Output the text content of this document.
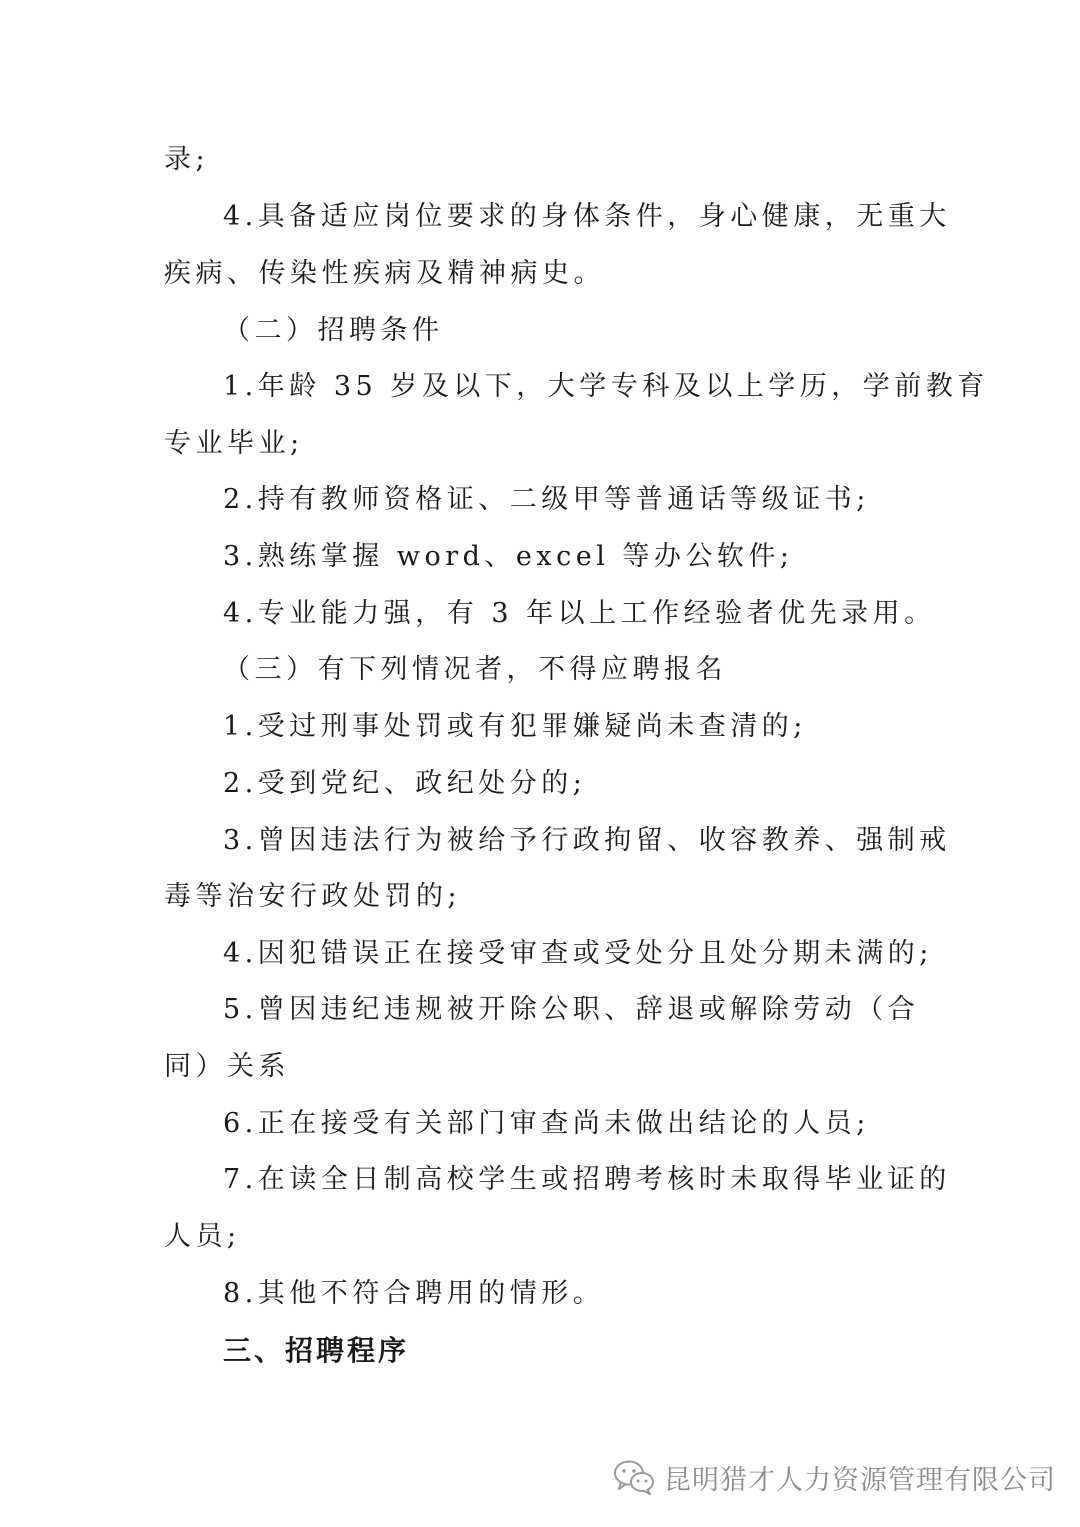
录;
4.具备适应岗位要求的身体条件，身心健康，无重大
疾病、传染性疾病及精神病史。
（二）招聘条件
1.年龄 35 岁及以下，大学专科及以上学历，学前教育
专业毕业;
2.持有教师资格证、二级甲等普通话等级证书;
3.熟练掌握 word、excel 等办公软件;
4.专业能力强，有 3 年以上工作经验者优先录用。
（三）有下列情况者，不得应聘报名
1.受过刑事处罚或有犯罪嫌疑尚未查清的;
2.受到党纪、政纪处分的;
3.曾因违法行为被给予行政拘留、收容教养、强制戒
毒等治安行政处罚的;
4.因犯错误正在接受审查或受处分且处分期未满的;
5.曾因违纪违规被开除公职、辞退或解除劳动（合
同）关系
6.正在接受有关部门审查尚未做出结论的人员;
7.在读全日制高校学生或招聘考核时未取得毕业证的
人员;
8.其他不符合聘用的情形。
三、招聘程序
昆明猎才人力资源管理有限公司
